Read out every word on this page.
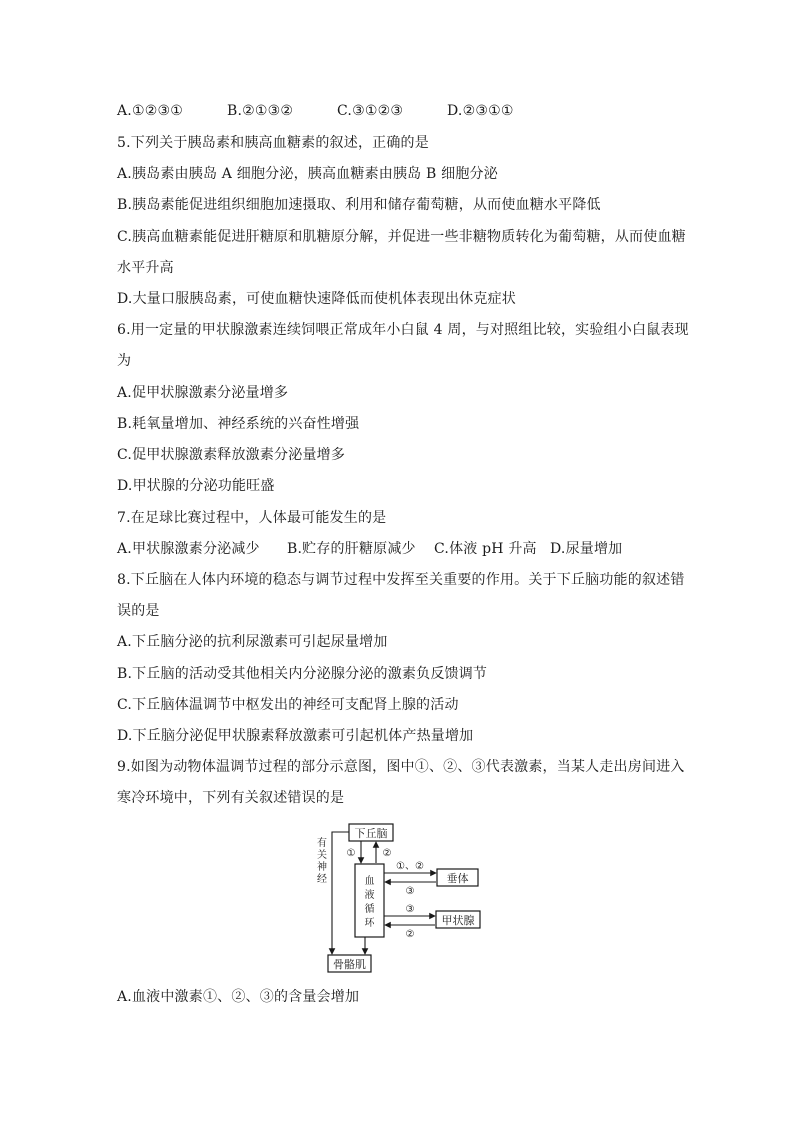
A.①②③①	B.②①③②	C.③①②③	D.②③①①
5.下列关于胰岛素和胰高血糖素的叙述，正确的是
A.胰岛素由胰岛 A 细胞分泌，胰高血糖素由胰岛 B 细胞分泌
B.胰岛素能促进组织细胞加速摄取、利用和储存葡萄糖，从而使血糖水平降低
C.胰高血糖素能促进肝糖原和肌糖原分解，并促进一些非糖物质转化为葡萄糖，从而使血糖
水平升高
D.大量口服胰岛素，可使血糖快速降低而使机体表现出休克症状
6.用一定量的甲状腺激素连续饲喂正常成年小白鼠 4 周，与对照组比较，实验组小白鼠表现
为
A.促甲状腺激素分泌量增多
B.耗氧量增加、神经系统的兴奋性增强
C.促甲状腺激素释放激素分泌量增多
D.甲状腺的分泌功能旺盛
7.在足球比赛过程中，人体最可能发生的是
A.甲状腺激素分泌减少 B.贮存的肝糖原减少 C.体液 pH 升高 D.尿量增加
8.下丘脑在人体内环境的稳态与调节过程中发挥至关重要的作用。关于下丘脑功能的叙述错
误的是
A.下丘脑分泌的抗利尿激素可引起尿量增加
B.下丘脑的活动受其他相关内分泌腺分泌的激素负反馈调节
C.下丘脑体温调节中枢发出的神经可支配肾上腺的活动
D.下丘脑分泌促甲状腺素释放激素可引起机体产热量增加
9.如图为动物体温调节过程的部分示意图，图中①、②、③代表激素，当某人走出房间进入
寒冷环境中，下列有关叙述错误的是
下丘脑
血
液
循
环
垂体
甲状腺
骨骼肌
有
关
神
经
①	②
①、②
③
③
②
A.血液中激素①、②、③的含量会增加
